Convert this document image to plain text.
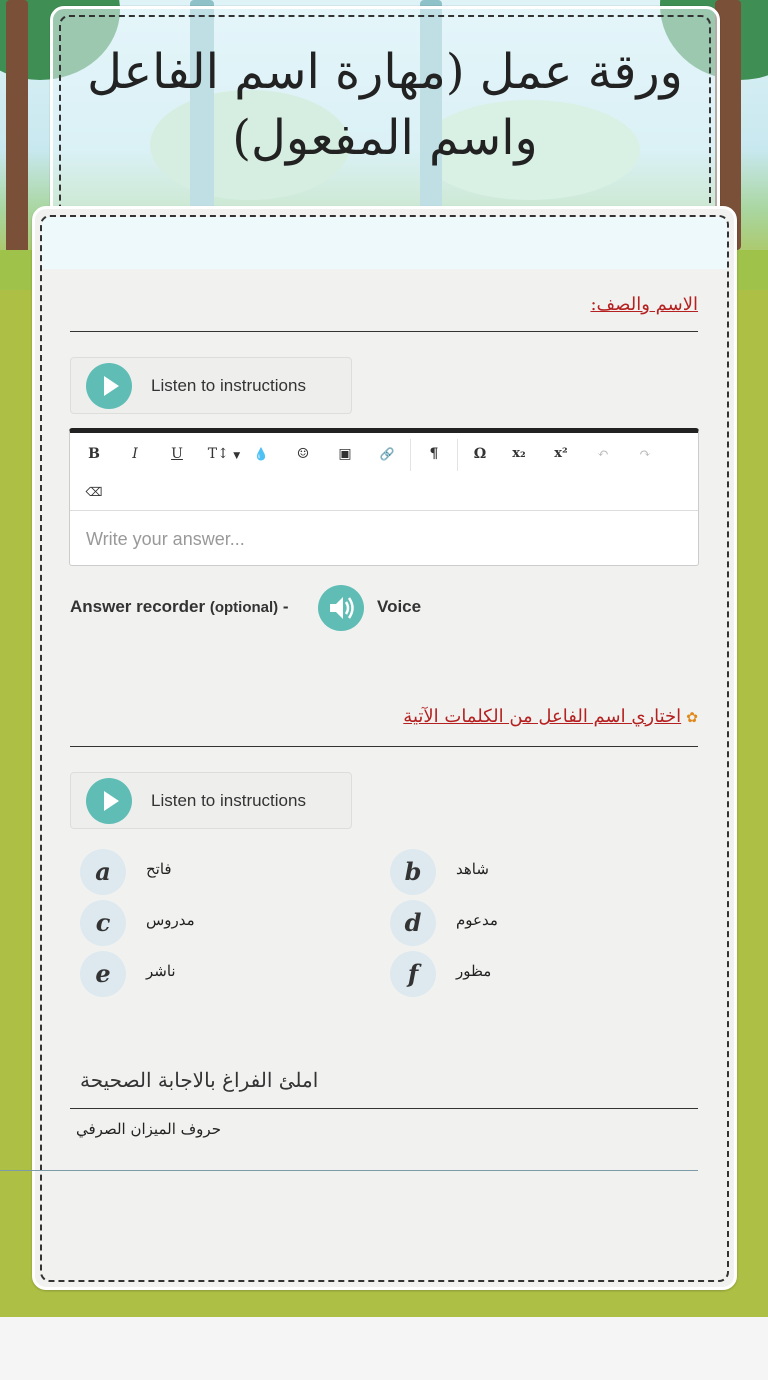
ورقة عمل (مهارة اسم الفاعل واسم المفعول)
الاسم والصف:
Listen to instructions
B	I	U	T↕ ▼	💧	☺	▣	🔗	¶	Ω	x₂	x²	↶	↷
⌫
Write your answer...
Answer recorder (optional) -	Voice
✿ اختاري اسم الفاعل من الكلمات الآتية
Listen to instructions
a	فاتح	b	شاهد
c	مدروس	d	مدعوم
e	ناشر	f	مظور
املئ الفراغ بالاجابة الصحيحة
حروف الميزان الصرفي
